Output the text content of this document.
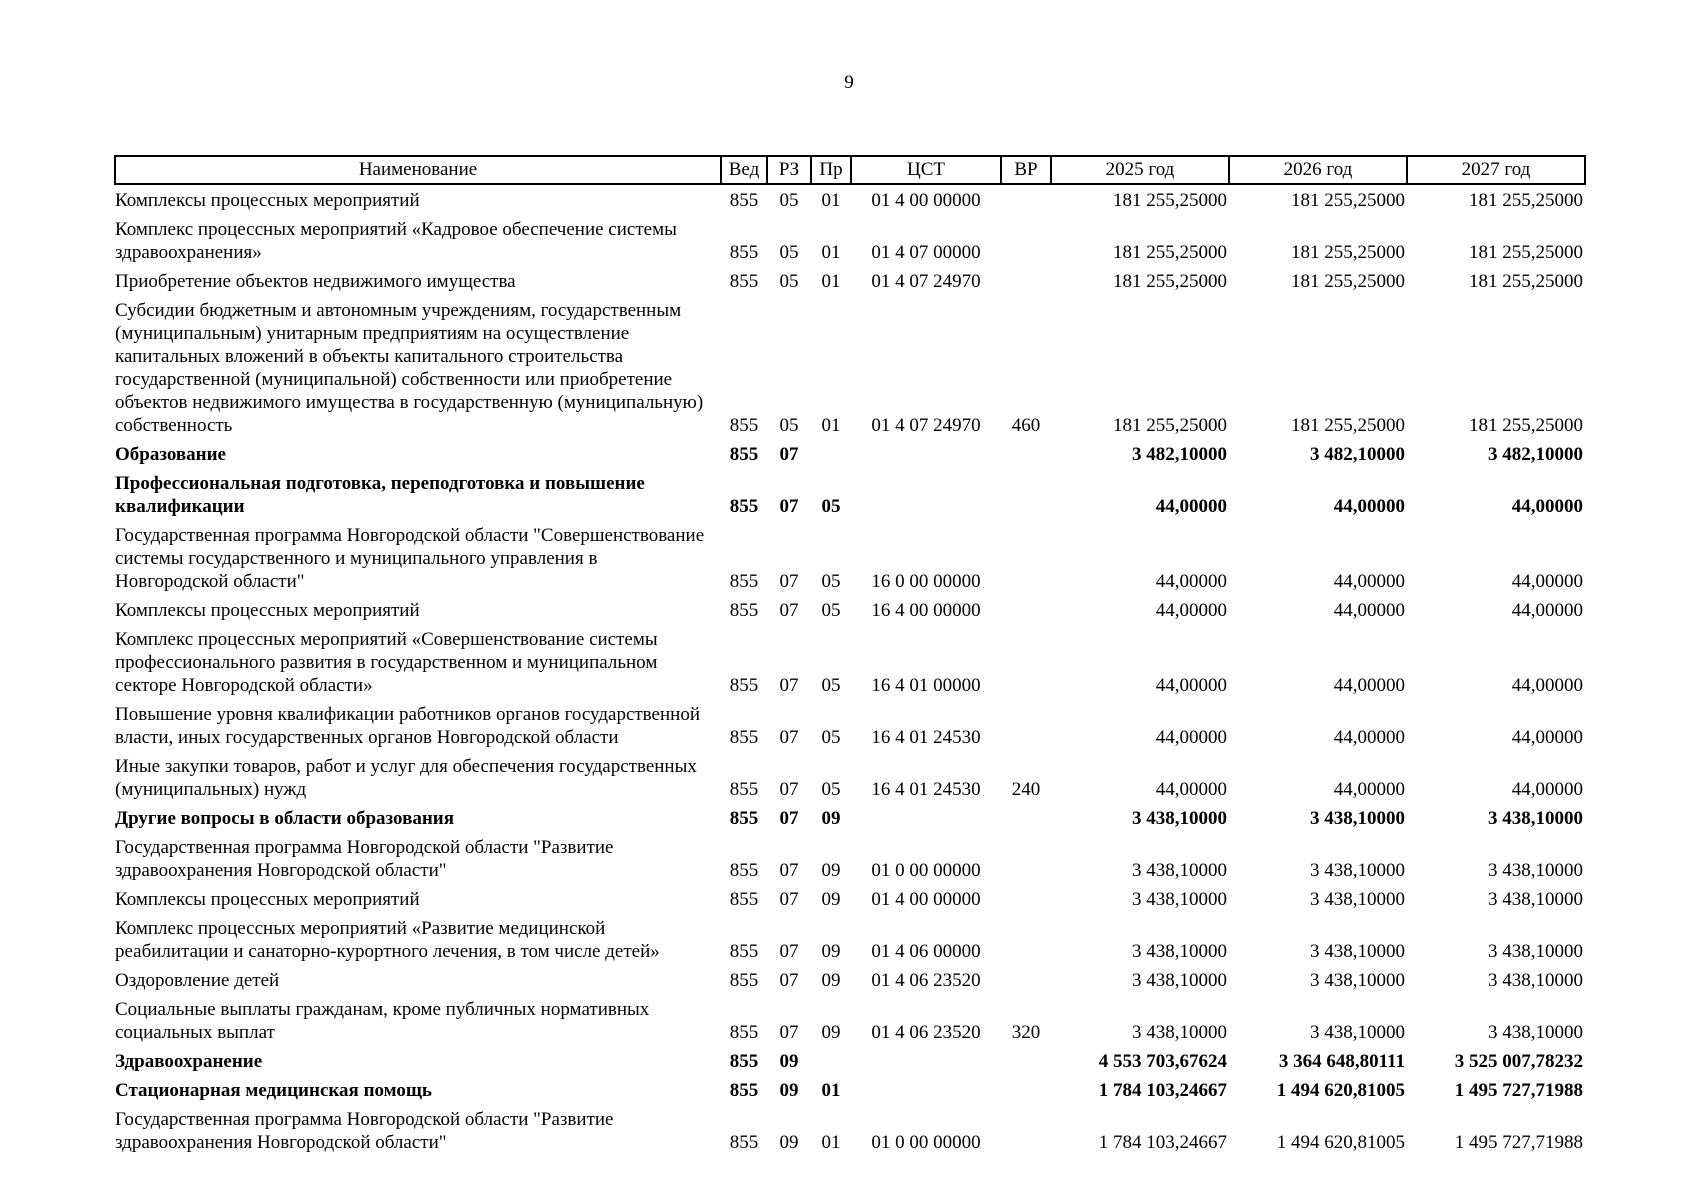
9
Наименование	Вед	РЗ	Пр	ЦСТ	ВР	2025 год	2026 год	2027 год
Комплексы процессных мероприятий	855	05	01	01 4 00 00000		181 255,25000	181 255,25000	181 255,25000
Комплекс процессных мероприятий «Кадровое обеспечение системы здравоохранения»	855	05	01	01 4 07 00000		181 255,25000	181 255,25000	181 255,25000
Приобретение объектов недвижимого имущества	855	05	01	01 4 07 24970		181 255,25000	181 255,25000	181 255,25000
Субсидии бюджетным и автономным учреждениям, государственным (муниципальным) унитарным предприятиям на осуществление капитальных вложений в объекты капитального строительства государственной (муниципальной) собственности или приобретение объектов недвижимого имущества в государственную (муниципальную) собственность	855	05	01	01 4 07 24970	460	181 255,25000	181 255,25000	181 255,25000
Образование	855	07				3 482,10000	3 482,10000	3 482,10000
Профессиональная подготовка, переподготовка и повышение квалификации	855	07	05			44,00000	44,00000	44,00000
Государственная программа Новгородской области "Совершенствование системы государственного и муниципального управления в Новгородской области"	855	07	05	16 0 00 00000		44,00000	44,00000	44,00000
Комплексы процессных мероприятий	855	07	05	16 4 00 00000		44,00000	44,00000	44,00000
Комплекс процессных мероприятий «Совершенствование системы профессионального развития в государственном и муниципальном секторе Новгородской области»	855	07	05	16 4 01 00000		44,00000	44,00000	44,00000
Повышение уровня квалификации работников органов государственной власти, иных государственных органов Новгородской области	855	07	05	16 4 01 24530		44,00000	44,00000	44,00000
Иные закупки товаров, работ и услуг для обеспечения государственных (муниципальных) нужд	855	07	05	16 4 01 24530	240	44,00000	44,00000	44,00000
Другие вопросы в области образования	855	07	09			3 438,10000	3 438,10000	3 438,10000
Государственная программа Новгородской области "Развитие здравоохранения Новгородской области"	855	07	09	01 0 00 00000		3 438,10000	3 438,10000	3 438,10000
Комплексы процессных мероприятий	855	07	09	01 4 00 00000		3 438,10000	3 438,10000	3 438,10000
Комплекс процессных мероприятий «Развитие медицинской реабилитации и санаторно-курортного лечения, в том числе детей»	855	07	09	01 4 06 00000		3 438,10000	3 438,10000	3 438,10000
Оздоровление детей	855	07	09	01 4 06 23520		3 438,10000	3 438,10000	3 438,10000
Социальные выплаты гражданам, кроме публичных нормативных социальных выплат	855	07	09	01 4 06 23520	320	3 438,10000	3 438,10000	3 438,10000
Здравоохранение	855	09				4 553 703,67624	3 364 648,80111	3 525 007,78232
Стационарная медицинская помощь	855	09	01			1 784 103,24667	1 494 620,81005	1 495 727,71988
Государственная программа Новгородской области "Развитие здравоохранения Новгородской области"	855	09	01	01 0 00 00000		1 784 103,24667	1 494 620,81005	1 495 727,71988
